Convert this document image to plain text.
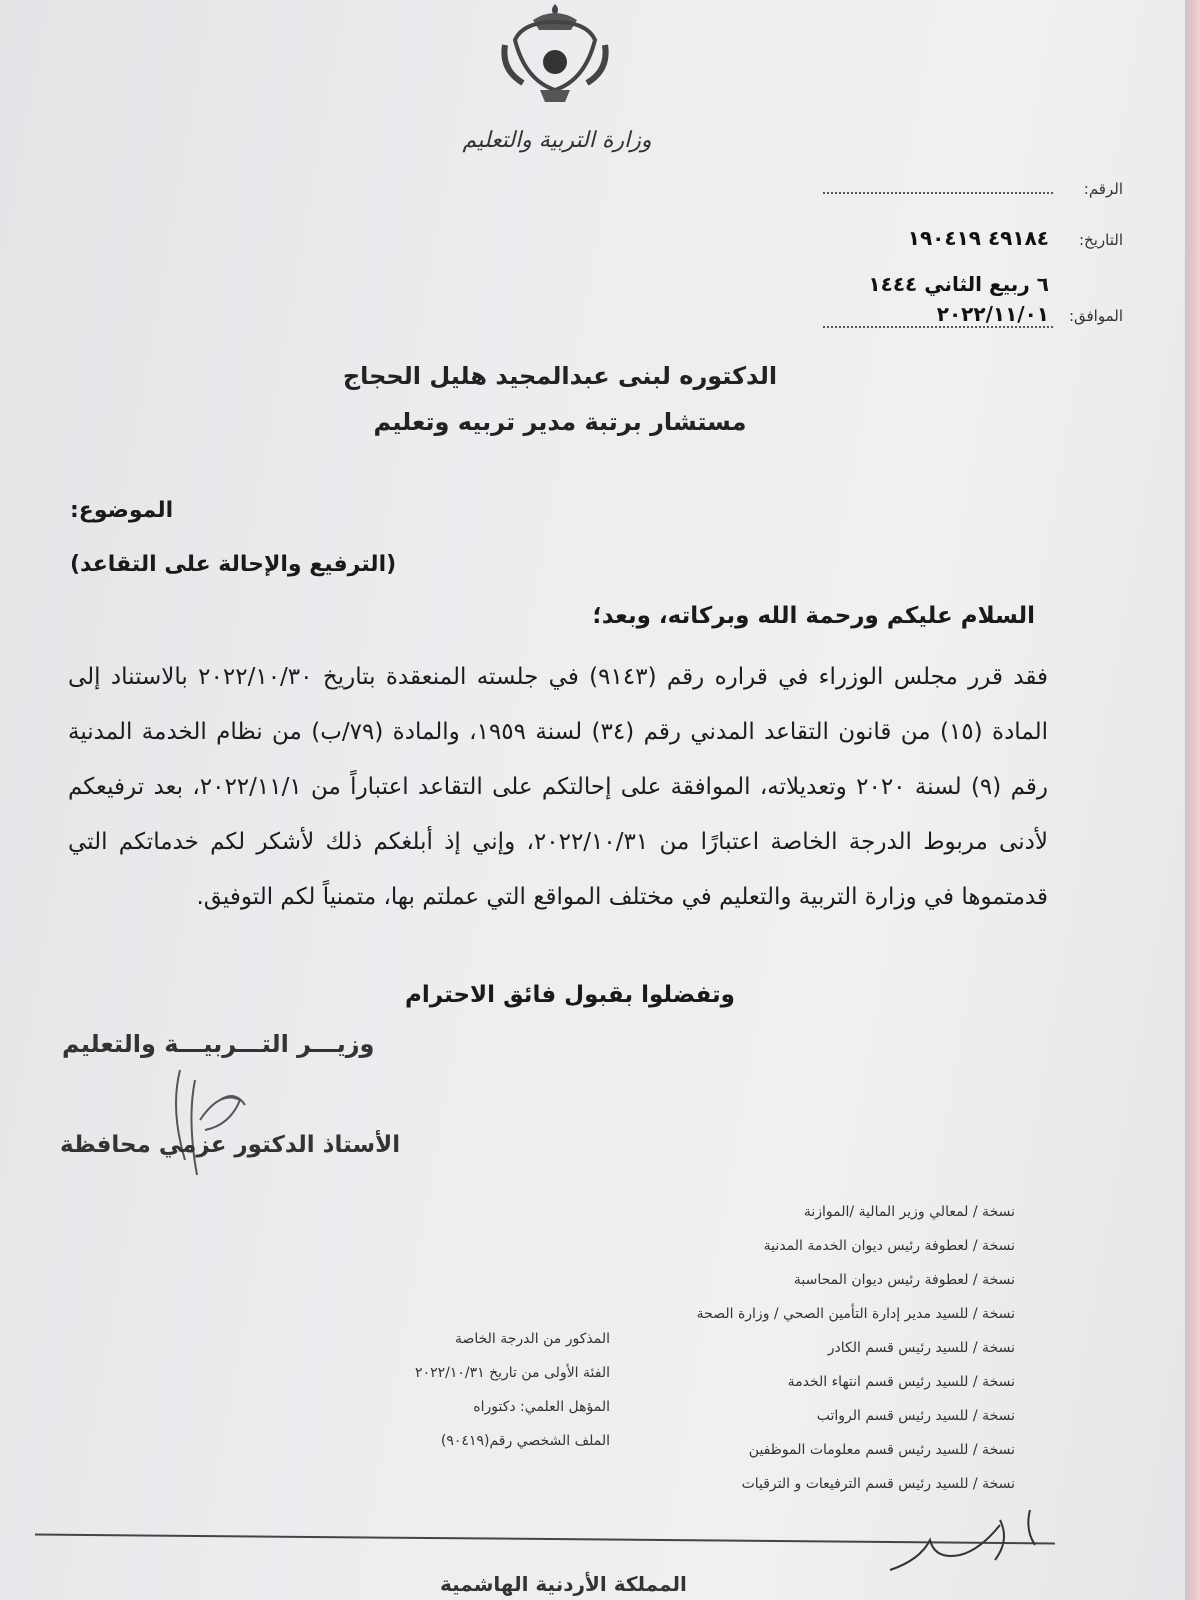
وزارة التربية والتعليم
الرقم:
التاريخ:
٤٩١٨٤ ١٩٠٤١٩
٦ ربيع الثاني ١٤٤٤
الموافق:
٢٠٢٢/١١/٠١
الدكتوره لبنى عبدالمجيد هليل الحجاج
مستشار برتبة مدير تربيه وتعليم
الموضوع:
(الترفيع والإحالة على التقاعد)
السلام عليكم ورحمة الله وبركاته، وبعد؛
فقد قرر مجلس الوزراء في قراره رقم (٩١٤٣) في جلسته المنعقدة بتاريخ ٢٠٢٢/١٠/٣٠ بالاستناد إلى المادة (١٥) من قانون التقاعد المدني رقم (٣٤) لسنة ١٩٥٩، والمادة (٧٩/ب) من نظام الخدمة المدنية رقم (٩) لسنة ٢٠٢٠ وتعديلاته، الموافقة على إحالتكم على التقاعد اعتباراً من ٢٠٢٢/١١/١، بعد ترفيعكم لأدنى مربوط الدرجة الخاصة اعتبارًا من ٢٠٢٢/١٠/٣١، وإني إذ أبلغكم ذلك لأشكر لكم خدماتكم التي قدمتموها في وزارة التربية والتعليم في مختلف المواقع التي عملتم بها، متمنياً لكم التوفيق.
وتفضلوا بقبول فائق الاحترام
وزيـــر التـــربيـــة والتعليم
الأستاذ الدكتور عزمي محافظة
نسخة / لمعالي وزير المالية /الموازنة
نسخة / لعطوفة رئيس ديوان الخدمة المدنية
نسخة / لعطوفة رئيس ديوان المحاسبة
نسخة / للسيد مدير إدارة التأمين الصحي / وزارة الصحة
نسخة / للسيد رئيس قسم الكادر
نسخة / للسيد رئيس قسم انتهاء الخدمة
نسخة / للسيد رئيس قسم الرواتب
نسخة / للسيد رئيس قسم معلومات الموظفين
نسخة / للسيد رئيس قسم الترفيعات و الترقيات
المذكور من الدرجة الخاصة
الفئة الأولى من تاريخ ٢٠٢٢/١٠/٣١
المؤهل العلمي: دكتوراه
الملف الشخصي رقم(٩٠٤١٩)
المملكة الأردنية الهاشمية
